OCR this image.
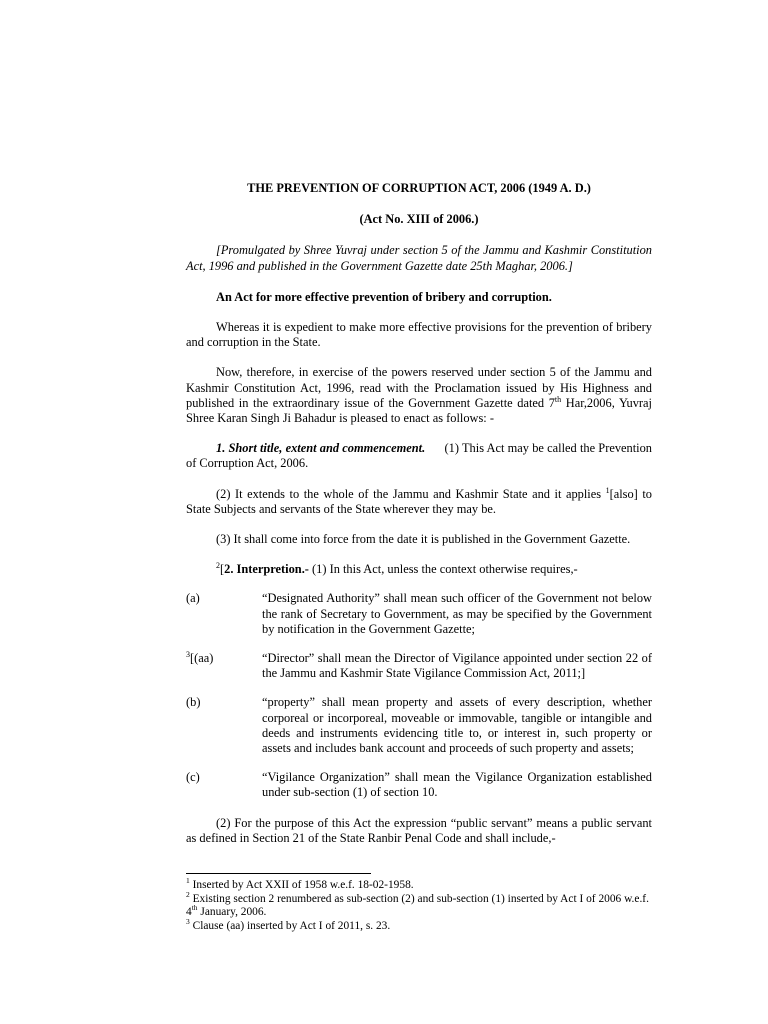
THE PREVENTION OF CORRUPTION ACT, 2006 (1949 A. D.)

(Act No. XIII of 2006.)

[Promulgated by Shree Yuvraj under section 5 of the Jammu and Kashmir Constitution Act, 1996 and published in the Government Gazette date 25th Maghar, 2006.]

An Act for more effective prevention of bribery and corruption.

Whereas it is expedient to make more effective provisions for the prevention of bribery and corruption in the State.

Now, therefore, in exercise of the powers reserved under section 5 of the Jammu and Kashmir Constitution Act, 1996, read with the Proclamation issued by His Highness and published in the extraordinary issue of the Government Gazette dated 7th Har,2006, Yuvraj Shree Karan Singh Ji Bahadur is pleased to enact as follows: -

1. Short title, extent and commencement. (1) This Act may be called the Prevention of Corruption Act, 2006.

(2) It extends to the whole of the Jammu and Kashmir State and it applies $^1$[also] to State Subjects and servants of the State wherever they may be.

(3) It shall come into force from the date it is published in the Government Gazette.

$^2$[2. Interpretion.- (1) In this Act, unless the context otherwise requires,-

(a)	“Designated Authority” shall mean such officer of the Government not below the rank of Secretary to Government, as may be specified by the Government by notification in the Government Gazette;
$^3$[(aa)	“Director” shall mean the Director of Vigilance appointed under section 22 of the Jammu and Kashmir State Vigilance Commission Act, 2011;]
(b)	“property” shall mean property and assets of every description, whether corporeal or incorporeal, moveable or immovable, tangible or intangible and deeds and instruments evidencing title to, or interest in, such property or assets and includes bank account and proceeds of such property and assets;
(c)	“Vigilance Organization” shall mean the Vigilance Organization established under sub-section (1) of section 10.

(2) For the purpose of this Act the expression “public servant” means a public servant as defined in Section 21 of the State Ranbir Penal Code and shall include,-

$^1$ Inserted by Act XXII of 1958 w.e.f. 18-02-1958.

$^2$ Existing section 2 renumbered as sub-section (2) and sub-section (1) inserted by Act I of 2006 w.e.f. 4th January, 2006.

$^3$ Clause (aa) inserted by Act I of 2011, s. 23.
